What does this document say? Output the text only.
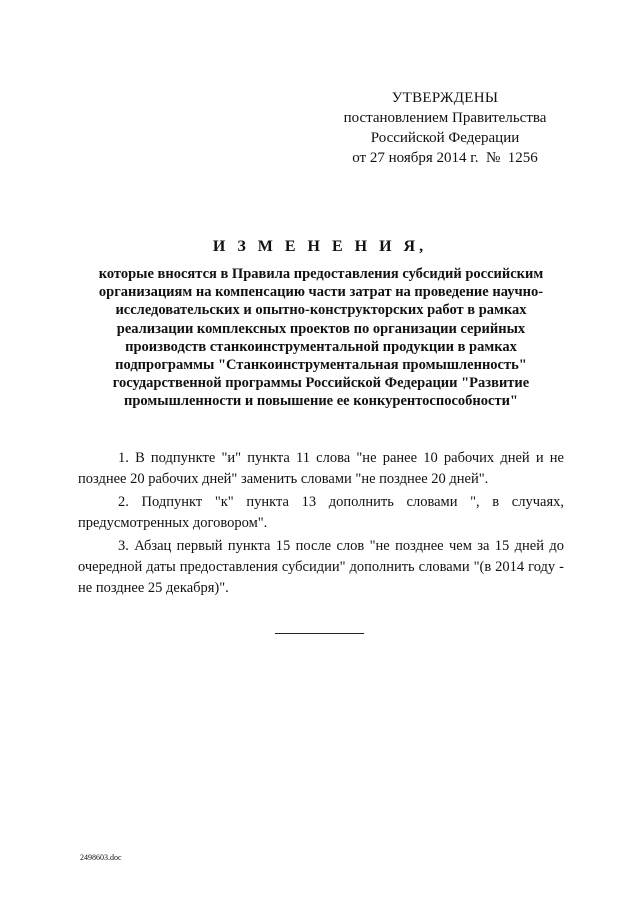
УТВЕРЖДЕНЫ
постановлением Правительства
Российской Федерации
от 27 ноября 2014 г.  №  1256
И З М Е Н Е Н И Я,
которые вносятся в Правила предоставления субсидий российским организациям на компенсацию части затрат на проведение научно-исследовательских и опытно-конструкторских работ в рамках реализации комплексных проектов по организации серийных производств станкоинструментальной продукции в рамках подпрограммы "Станкоинструментальная промышленность" государственной программы Российской Федерации "Развитие промышленности и повышение ее конкурентоспособности"

1. В подпункте "и" пункта 11 слова "не ранее 10 рабочих дней и не позднее 20 рабочих дней" заменить словами "не позднее 20 дней".

2. Подпункт "к" пункта 13 дополнить словами ", в случаях, предусмотренных договором".

3. Абзац первый пункта 15 после слов "не позднее чем за 15 дней до очередной даты предоставления субсидии" дополнить словами "(в 2014 году - не позднее 25 декабря)".

2498603.doc
